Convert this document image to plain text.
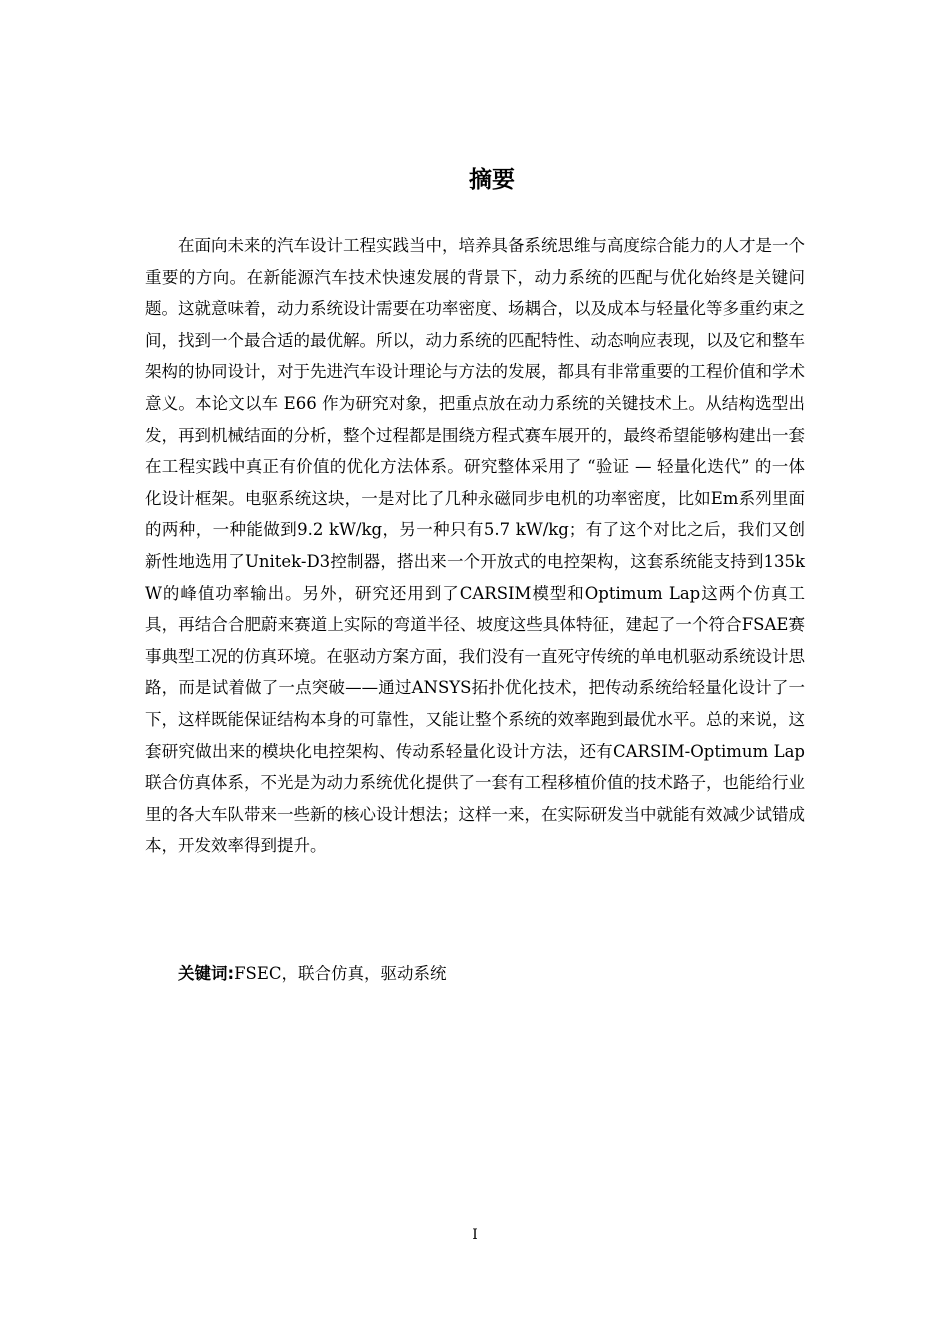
摘要

在面向未来的汽车设计工程实践当中，培养具备系统思维与高度综合能力的人才是一个重要的方向。在新能源汽车技术快速发展的背景下，动力系统的匹配与优化始终是关键问题。这就意味着，动力系统设计需要在功率密度、场耦合，以及成本与轻量化等多重约束之间，找到一个最合适的最优解。所以，动力系统的匹配特性、动态响应表现，以及它和整车架构的协同设计，对于先进汽车设计理论与方法的发展，都具有非常重要的工程价值和学术意义。本论文以车 E66 作为研究对象，把重点放在动力系统的关键技术上。从结构选型出发，再到机械结面的分析，整个过程都是围绕方程式赛车展开的，最终希望能够构建出一套在工程实践中真正有价值的优化方法体系。研究整体采用了 “验证 — 轻量化迭代” 的一体化设计框架。电驱系统这块，一是对比了几种永磁同步电机的功率密度，比如Em系列里面的两种，一种能做到9.2 kW/kg，另一种只有5.7 kW/kg；有了这个对比之后，我们又创新性地选用了Unitek-D3控制器，搭出来一个开放式的电控架构，这套系统能支持到135kW的峰值功率输出。另外，研究还用到了CARSIM模型和Optimum Lap这两个仿真工具，再结合合肥蔚来赛道上实际的弯道半径、坡度这些具体特征，建起了一个符合FSAE赛事典型工况的仿真环境。在驱动方案方面，我们没有一直死守传统的单电机驱动系统设计思路，而是试着做了一点突破——通过ANSYS拓扑优化技术，把传动系统给轻量化设计了一下，这样既能保证结构本身的可靠性，又能让整个系统的效率跑到最优水平。总的来说，这套研究做出来的模块化电控架构、传动系轻量化设计方法，还有CARSIM-Optimum Lap联合仿真体系，不光是为动力系统优化提供了一套有工程移植价值的技术路子，也能给行业里的各大车队带来一些新的核心设计想法；这样一来，在实际研发当中就能有效减少试错成本，开发效率得到提升。

关键词:FSEC，联合仿真，驱动系统

I
